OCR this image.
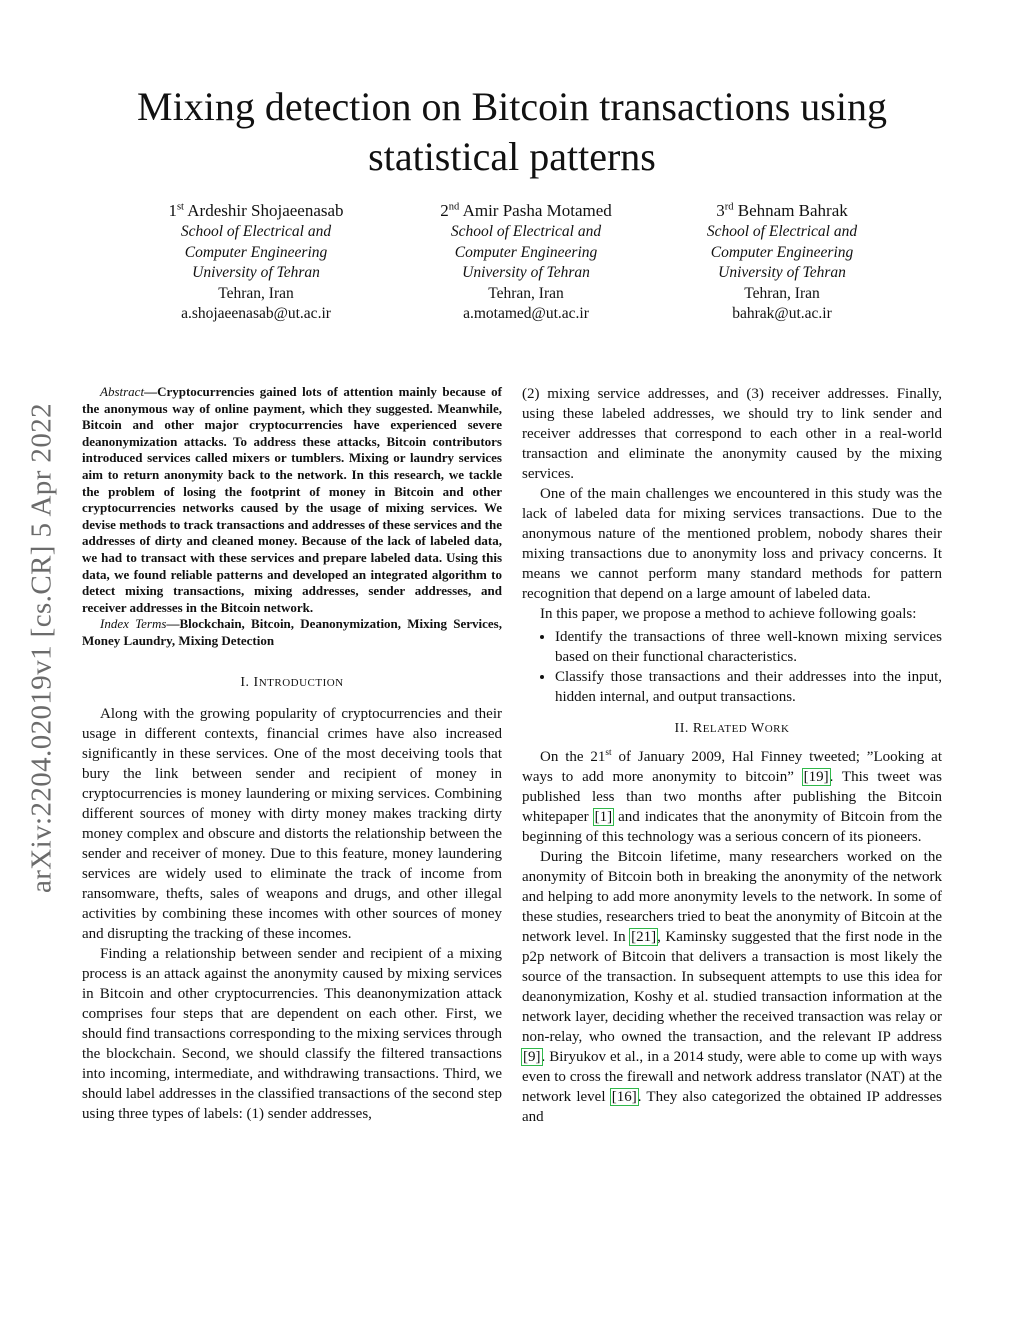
arXiv:2204.02019v1 [cs.CR] 5 Apr 2022
Mixing detection on Bitcoin transactions using statistical patterns
1st Ardeshir Shojaeenasab
School of Electrical and
Computer Engineering
University of Tehran
Tehran, Iran
a.shojaeenasab@ut.ac.ir
2nd Amir Pasha Motamed
School of Electrical and
Computer Engineering
University of Tehran
Tehran, Iran
a.motamed@ut.ac.ir
3rd Behnam Bahrak
School of Electrical and
Computer Engineering
University of Tehran
Tehran, Iran
bahrak@ut.ac.ir

Abstract—Cryptocurrencies gained lots of attention mainly because of the anonymous way of online payment, which they suggested. Meanwhile, Bitcoin and other major cryptocurrencies have experienced severe deanonymization attacks. To address these attacks, Bitcoin contributors introduced services called mixers or tumblers. Mixing or laundry services aim to return anonymity back to the network. In this research, we tackle the problem of losing the footprint of money in Bitcoin and other cryptocurrencies networks caused by the usage of mixing services. We devise methods to track transactions and addresses of these services and the addresses of dirty and cleaned money. Because of the lack of labeled data, we had to transact with these services and prepare labeled data. Using this data, we found reliable patterns and developed an integrated algorithm to detect mixing transactions, mixing addresses, sender addresses, and receiver addresses in the Bitcoin network.

Index Terms—Blockchain, Bitcoin, Deanonymization, Mixing Services, Money Laundry, Mixing Detection

I. INTRODUCTION

Along with the growing popularity of cryptocurrencies and their usage in different contexts, financial crimes have also increased significantly in these services. One of the most deceiving tools that bury the link between sender and recipient of money in cryptocurrencies is money laundering or mixing services. Combining different sources of money with dirty money makes tracking dirty money complex and obscure and distorts the relationship between the sender and receiver of money. Due to this feature, money laundering services are widely used to eliminate the track of income from ransomware, thefts, sales of weapons and drugs, and other illegal activities by combining these incomes with other sources of money and disrupting the tracking of these incomes.

Finding a relationship between sender and recipient of a mixing process is an attack against the anonymity caused by mixing services in Bitcoin and other cryptocurrencies. This deanonymization attack comprises four steps that are dependent on each other. First, we should find transactions corresponding to the mixing services through the blockchain. Second, we should classify the filtered transactions into incoming, intermediate, and withdrawing transactions. Third, we should label addresses in the classified transactions of the second step using three types of labels: (1) sender addresses,

(2) mixing service addresses, and (3) receiver addresses. Finally, using these labeled addresses, we should try to link sender and receiver addresses that correspond to each other in a real-world transaction and eliminate the anonymity caused by the mixing services.

One of the main challenges we encountered in this study was the lack of labeled data for mixing services transactions. Due to the anonymous nature of the mentioned problem, nobody shares their mixing transactions due to anonymity loss and privacy concerns. It means we cannot perform many standard methods for pattern recognition that depend on a large amount of labeled data.

In this paper, we propose a method to achieve following goals:

• Identify the transactions of three well-known mixing services based on their functional characteristics.
• Classify those transactions and their addresses into the input, hidden internal, and output transactions.
II. RELATED WORK

On the 21st of January 2009, Hal Finney tweeted; ”Looking at ways to add more anonymity to bitcoin” [19]. This tweet was published less than two months after publishing the Bitcoin whitepaper [1] and indicates that the anonymity of Bitcoin from the beginning of this technology was a serious concern of its pioneers.

During the Bitcoin lifetime, many researchers worked on the anonymity of Bitcoin both in breaking the anonymity of the network and helping to add more anonymity levels to the network. In some of these studies, researchers tried to beat the anonymity of Bitcoin at the network level. In [21], Kaminsky suggested that the first node in the p2p network of Bitcoin that delivers a transaction is most likely the source of the transaction. In subsequent attempts to use this idea for deanonymization, Koshy et al. studied transaction information at the network layer, deciding whether the received transaction was relay or non-relay, who owned the transaction, and the relevant IP address [9]. Biryukov et al., in a 2014 study, were able to come up with ways even to cross the firewall and network address translator (NAT) at the network level [16]. They also categorized the obtained IP addresses and
